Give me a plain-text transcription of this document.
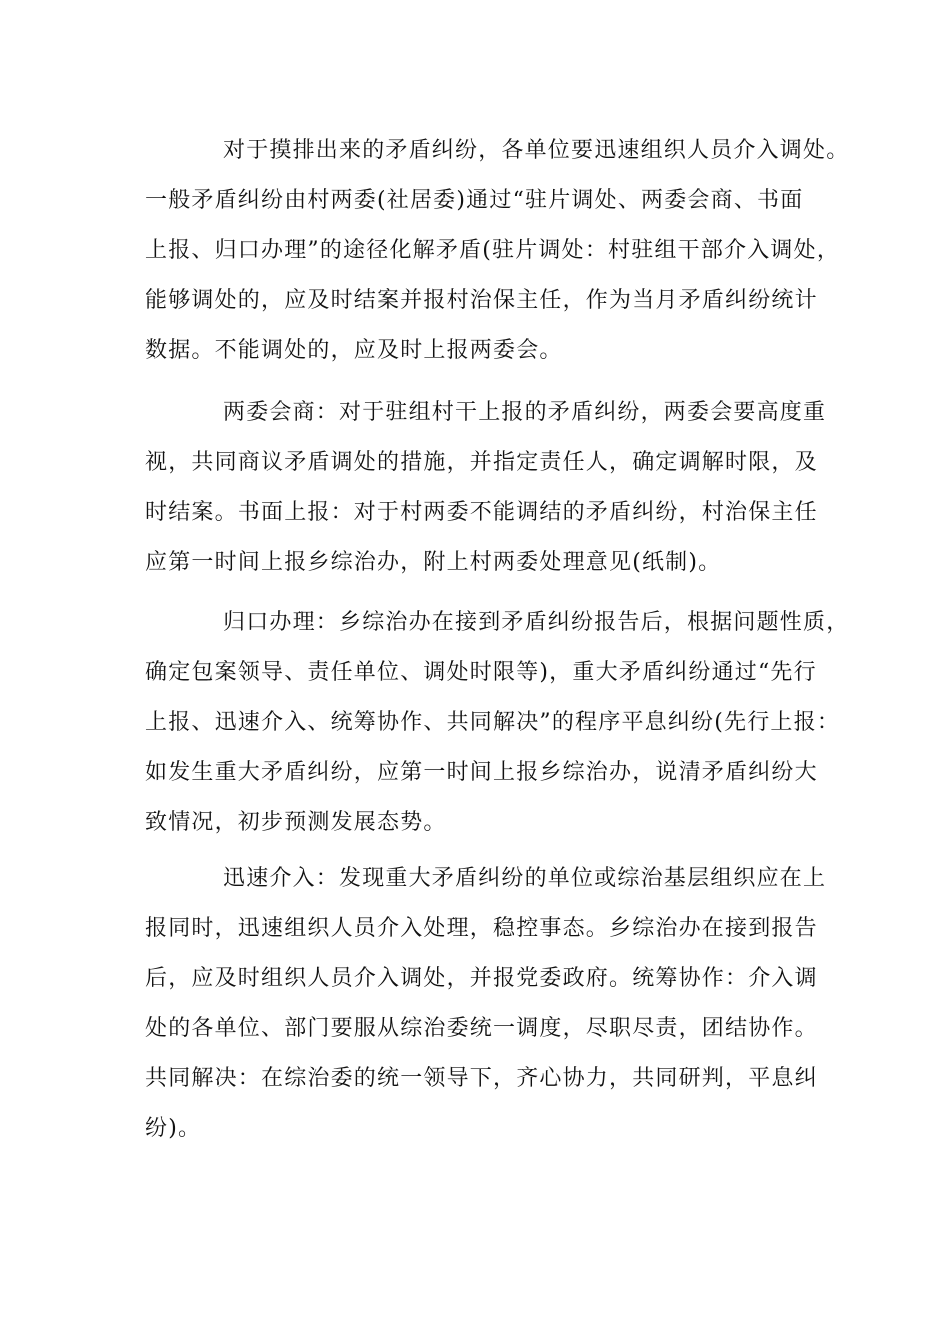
对于摸排出来的矛盾纠纷，各单位要迅速组织人员介入调处。
一般矛盾纠纷由村两委(社居委)通过“驻片调处、两委会商、书面
上报、归口办理”的途径化解矛盾(驻片调处：村驻组干部介入调处，
能够调处的，应及时结案并报村治保主任，作为当月矛盾纠纷统计
数据。不能调处的，应及时上报两委会。
两委会商：对于驻组村干上报的矛盾纠纷，两委会要高度重
视，共同商议矛盾调处的措施，并指定责任人，确定调解时限，及
时结案。书面上报：对于村两委不能调结的矛盾纠纷，村治保主任
应第一时间上报乡综治办，附上村两委处理意见(纸制)。
归口办理：乡综治办在接到矛盾纠纷报告后，根据问题性质，
确定包案领导、责任单位、调处时限等)，重大矛盾纠纷通过“先行
上报、迅速介入、统筹协作、共同解决”的程序平息纠纷(先行上报：
如发生重大矛盾纠纷，应第一时间上报乡综治办，说清矛盾纠纷大
致情况，初步预测发展态势。
迅速介入：发现重大矛盾纠纷的单位或综治基层组织应在上
报同时，迅速组织人员介入处理，稳控事态。乡综治办在接到报告
后，应及时组织人员介入调处，并报党委政府。统筹协作：介入调
处的各单位、部门要服从综治委统一调度，尽职尽责，团结协作。
共同解决：在综治委的统一领导下，齐心协力，共同研判，平息纠
纷)。
